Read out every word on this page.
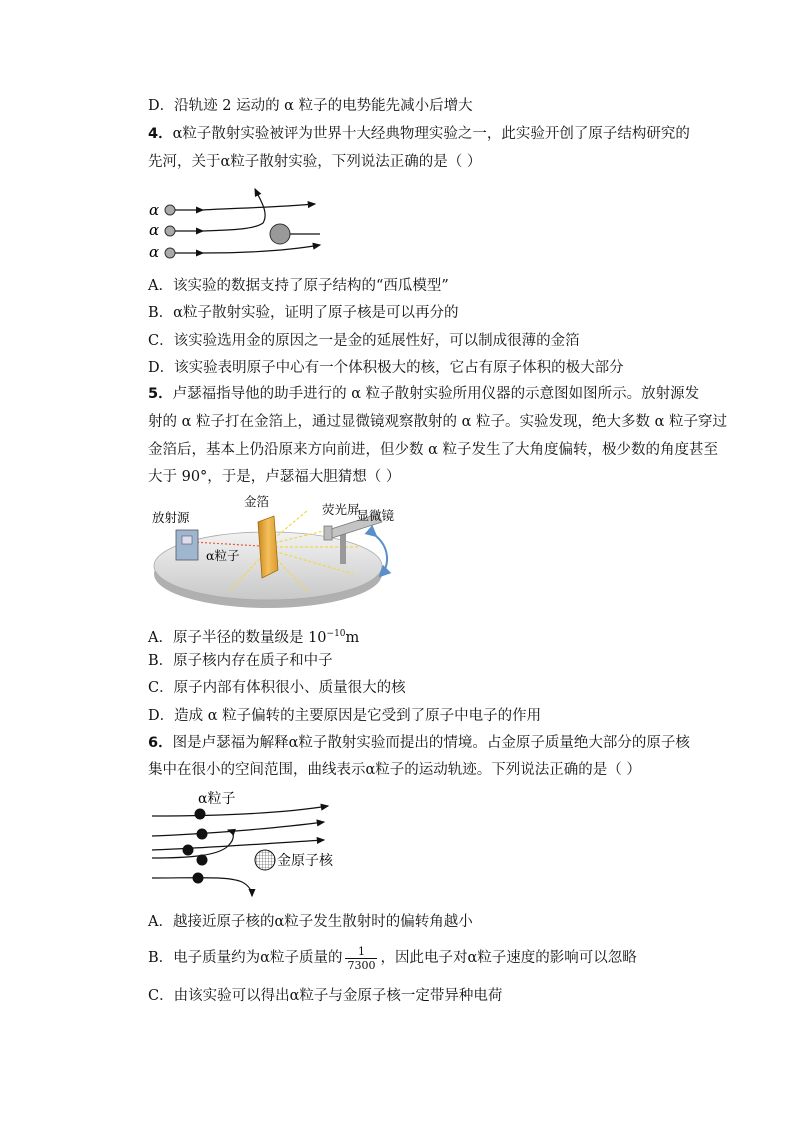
D．沿轨迹 2 运动的 α 粒子的电势能先减小后增大
4．α粒子散射实验被评为世界十大经典物理实验之一，此实验开创了原子结构研究的
先河，关于α粒子散射实验，下列说法正确的是（ ）
α
α
α
A．该实验的数据支持了原子结构的“西瓜模型”
B．α粒子散射实验，证明了原子核是可以再分的
C．该实验选用金的原因之一是金的延展性好，可以制成很薄的金箔
D．该实验表明原子中心有一个体积极大的核，它占有原子体积的极大部分
5．卢瑟福指导他的助手进行的 α 粒子散射实验所用仪器的示意图如图所示。放射源发
射的 α 粒子打在金箔上，通过显微镜观察散射的 α 粒子。实验发现，绝大多数 α 粒子穿过
金箔后，基本上仍沿原来方向前进，但少数 α 粒子发生了大角度偏转，极少数的角度甚至
大于 90°，于是，卢瑟福大胆猜想（ ）
放射源
金箔
荧光屏
显微镜
α粒子
A．原子半径的数量级是 $10^{-10}m$
B．原子核内存在质子和中子
C．原子内部有体积很小、质量很大的核
D．造成 α 粒子偏转的主要原因是它受到了原子中电子的作用
6．图是卢瑟福为解释α粒子散射实验而提出的情境。占金原子质量绝大部分的原子核
集中在很小的空间范围，曲线表示α粒子的运动轨迹。下列说法正确的是（ ）
α粒子
金原子核
A．越接近原子核的α粒子发生散射时的偏转角越小
B．电子质量约为α粒子质量的 $\frac{1}{7300}$ ，因此电子对α粒子速度的影响可以忽略
C．由该实验可以得出α粒子与金原子核一定带异种电荷
